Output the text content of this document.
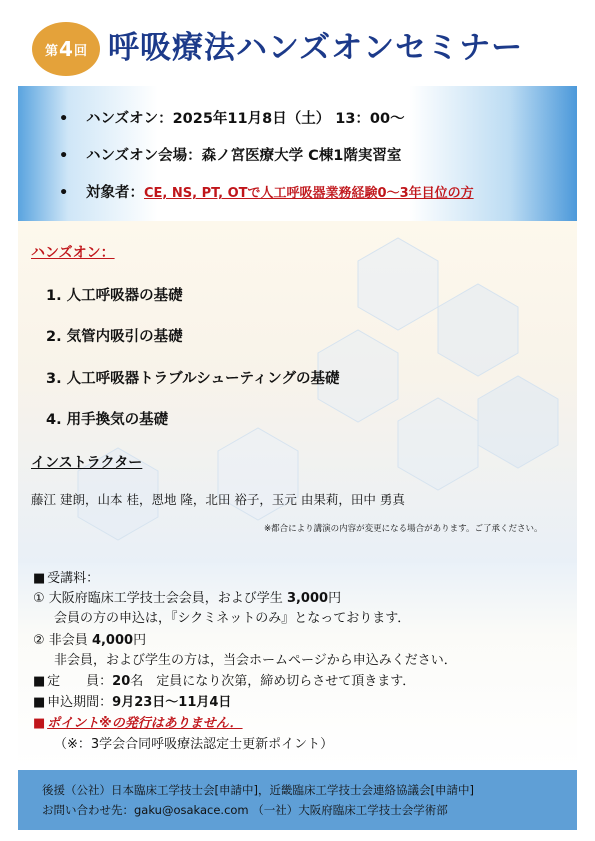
第 4 回 呼吸療法ハンズオンセミナー
• ハンズオン：2025年11月8日（土） 13：00～
• ハンズオン会場：森ノ宮医療大学 C棟1階実習室
• 対象者：CE, NS, PT, OTで人工呼吸器業務経験0～3年目位の方
ハンズオン：
1. 人工呼吸器の基礎
2. 気管内吸引の基礎
3. 人工呼吸器トラブルシューティングの基礎
4. 用手換気の基礎
インストラクター
藤江 建朗，山本 桂，恩地 隆，北田 裕子，玉元 由果莉，田中 勇真
※都合により講演の内容が変更になる場合があります。ご了承ください。
■ 受講料：
① 大阪府臨床工学技士会会員，および学生 3,000円
会員の方の申込は，『シクミネットのみ』となっております．
② 非会員 4,000円
非会員，および学生の方は，当会ホームページから申込みください．
■ 定　　員：20名　定員になり次第，締め切らさせて頂きます．
■ 申込期間：9月23日～11月4日
■ ポイント※の発行はありません．
（※：3学会合同呼吸療法認定士更新ポイント）
後援（公社）日本臨床工学技士会[申請中]，近畿臨床工学技士会連絡協議会[申請中]
お問い合わせ先：gaku@osakace.com （一社）大阪府臨床工学技士会学術部
